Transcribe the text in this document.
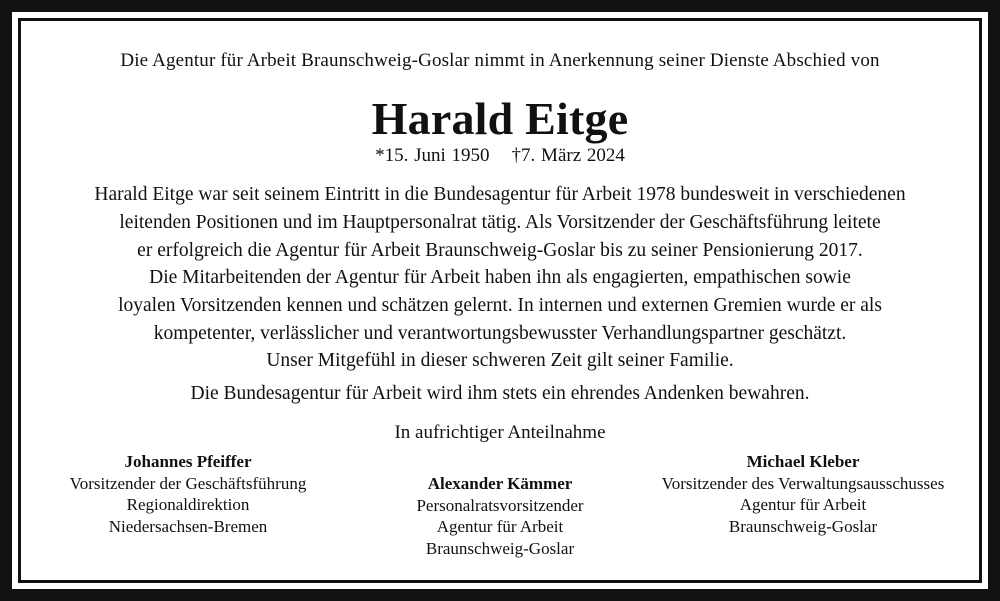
Die Agentur für Arbeit Braunschweig-Goslar nimmt in Anerkennung seiner Dienste Abschied von
Harald Eitge
*15. Juni 1950 †7. März 2024
Harald Eitge war seit seinem Eintritt in die Bundesagentur für Arbeit 1978 bundesweit in verschiedenen
leitenden Positionen und im Hauptpersonalrat tätig. Als Vorsitzender der Geschäftsführung leitete
er erfolgreich die Agentur für Arbeit Braunschweig-Goslar bis zu seiner Pensionierung 2017.
Die Mitarbeitenden der Agentur für Arbeit haben ihn als engagierten, empathischen sowie
loyalen Vorsitzenden kennen und schätzen gelernt. In internen und externen Gremien wurde er als
kompetenter, verlässlicher und verantwortungsbewusster Verhandlungspartner geschätzt.
Unser Mitgefühl in dieser schweren Zeit gilt seiner Familie.
Die Bundesagentur für Arbeit wird ihm stets ein ehrendes Andenken bewahren.
In aufrichtiger Anteilnahme
Johannes Pfeiffer
Vorsitzender der Geschäftsführung
Regionaldirektion
Niedersachsen-Bremen
Alexander Kämmer
Personalratsvorsitzender
Agentur für Arbeit
Braunschweig-Goslar
Michael Kleber
Vorsitzender des Verwaltungsausschusses
Agentur für Arbeit
Braunschweig-Goslar
